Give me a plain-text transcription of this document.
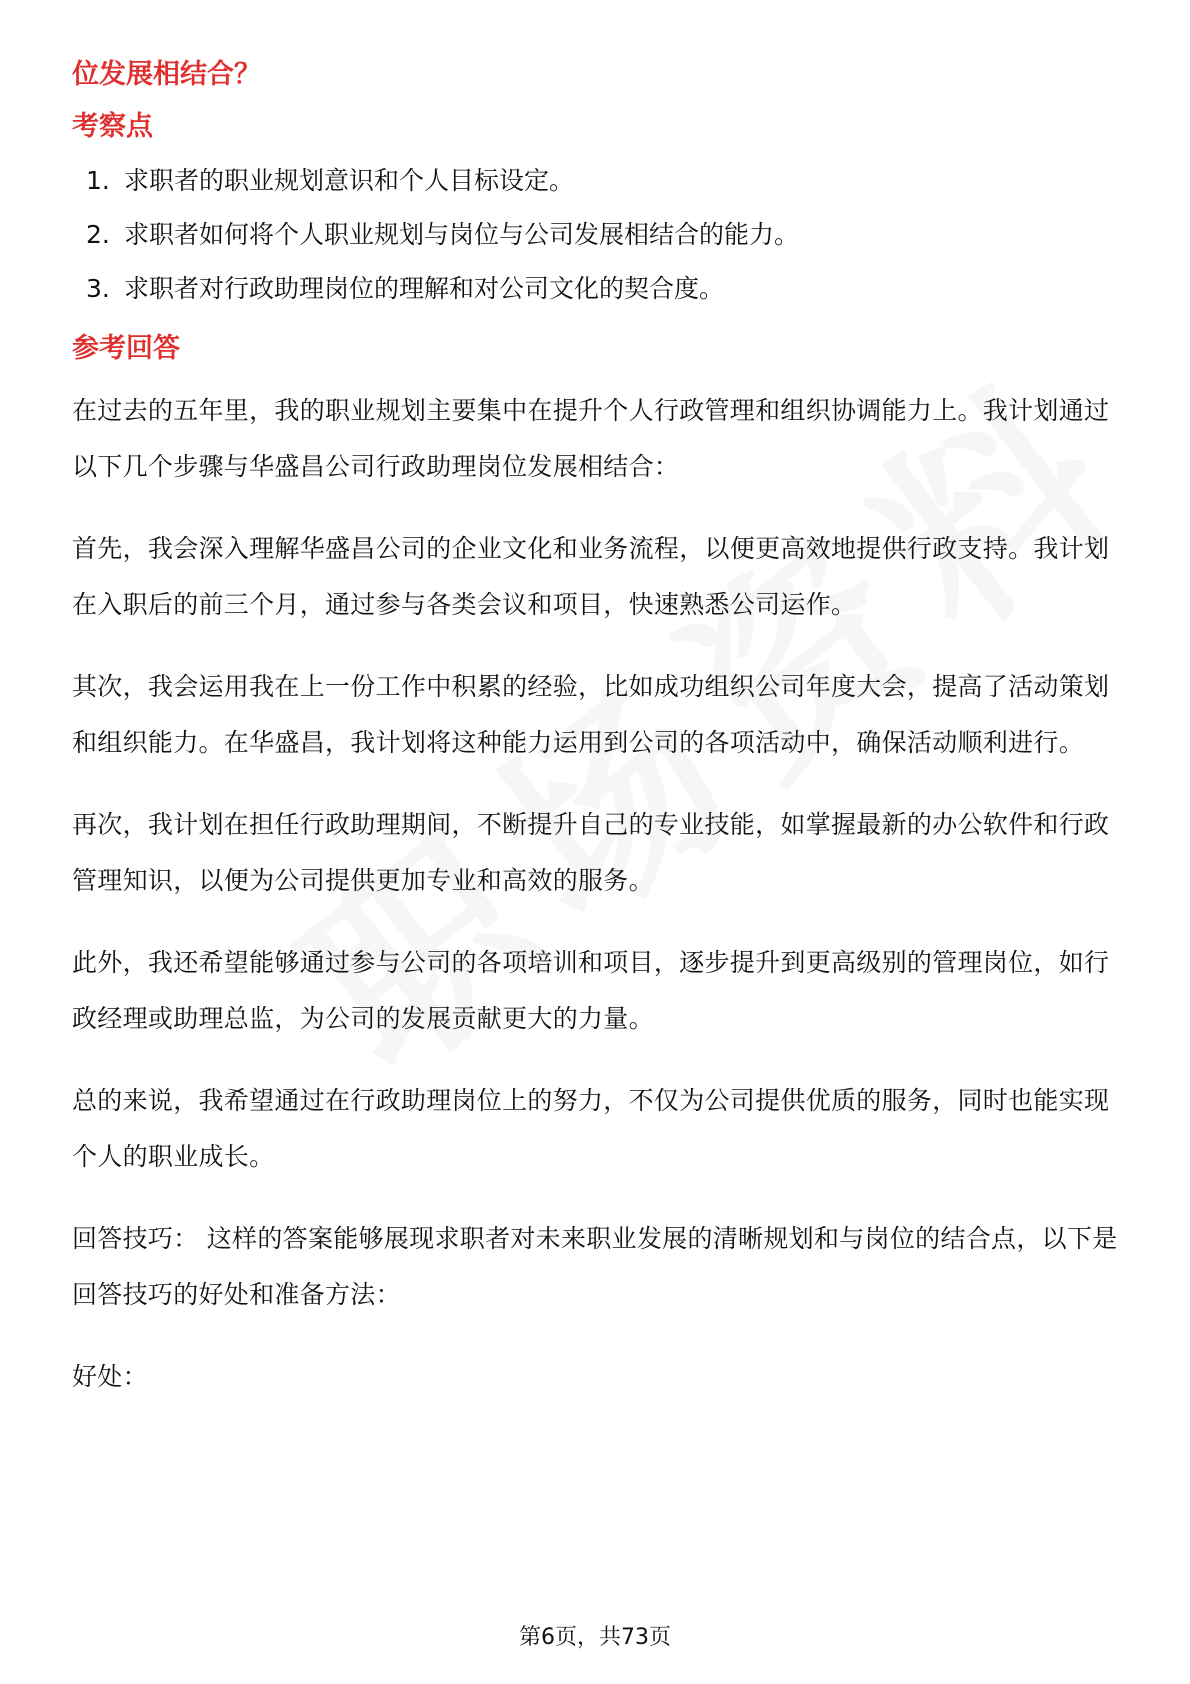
位发展相结合？
考察点
1. 求职者的职业规划意识和个人目标设定。
2. 求职者如何将个人职业规划与岗位与公司发展相结合的能力。
3. 求职者对行政助理岗位的理解和对公司文化的契合度。
参考回答

在过去的五年里，我的职业规划主要集中在提升个人行政管理和组织协调能力上。我计划通过以下几个步骤与华盛昌公司行政助理岗位发展相结合：

首先，我会深入理解华盛昌公司的企业文化和业务流程，以便更高效地提供行政支持。我计划在入职后的前三个月，通过参与各类会议和项目，快速熟悉公司运作。

其次，我会运用我在上一份工作中积累的经验，比如成功组织公司年度大会，提高了活动策划和组织能力。在华盛昌，我计划将这种能力运用到公司的各项活动中，确保活动顺利进行。

再次，我计划在担任行政助理期间，不断提升自己的专业技能，如掌握最新的办公软件和行政管理知识，以便为公司提供更加专业和高效的服务。

此外，我还希望能够通过参与公司的各项培训和项目，逐步提升到更高级别的管理岗位，如行政经理或助理总监，为公司的发展贡献更大的力量。

总的来说，我希望通过在行政助理岗位上的努力，不仅为公司提供优质的服务，同时也能实现个人的职业成长。

回答技巧： 这样的答案能够展现求职者对未来职业发展的清晰规划和与岗位的结合点，以下是回答技巧的好处和准备方法：

好处：

第6页，共73页
